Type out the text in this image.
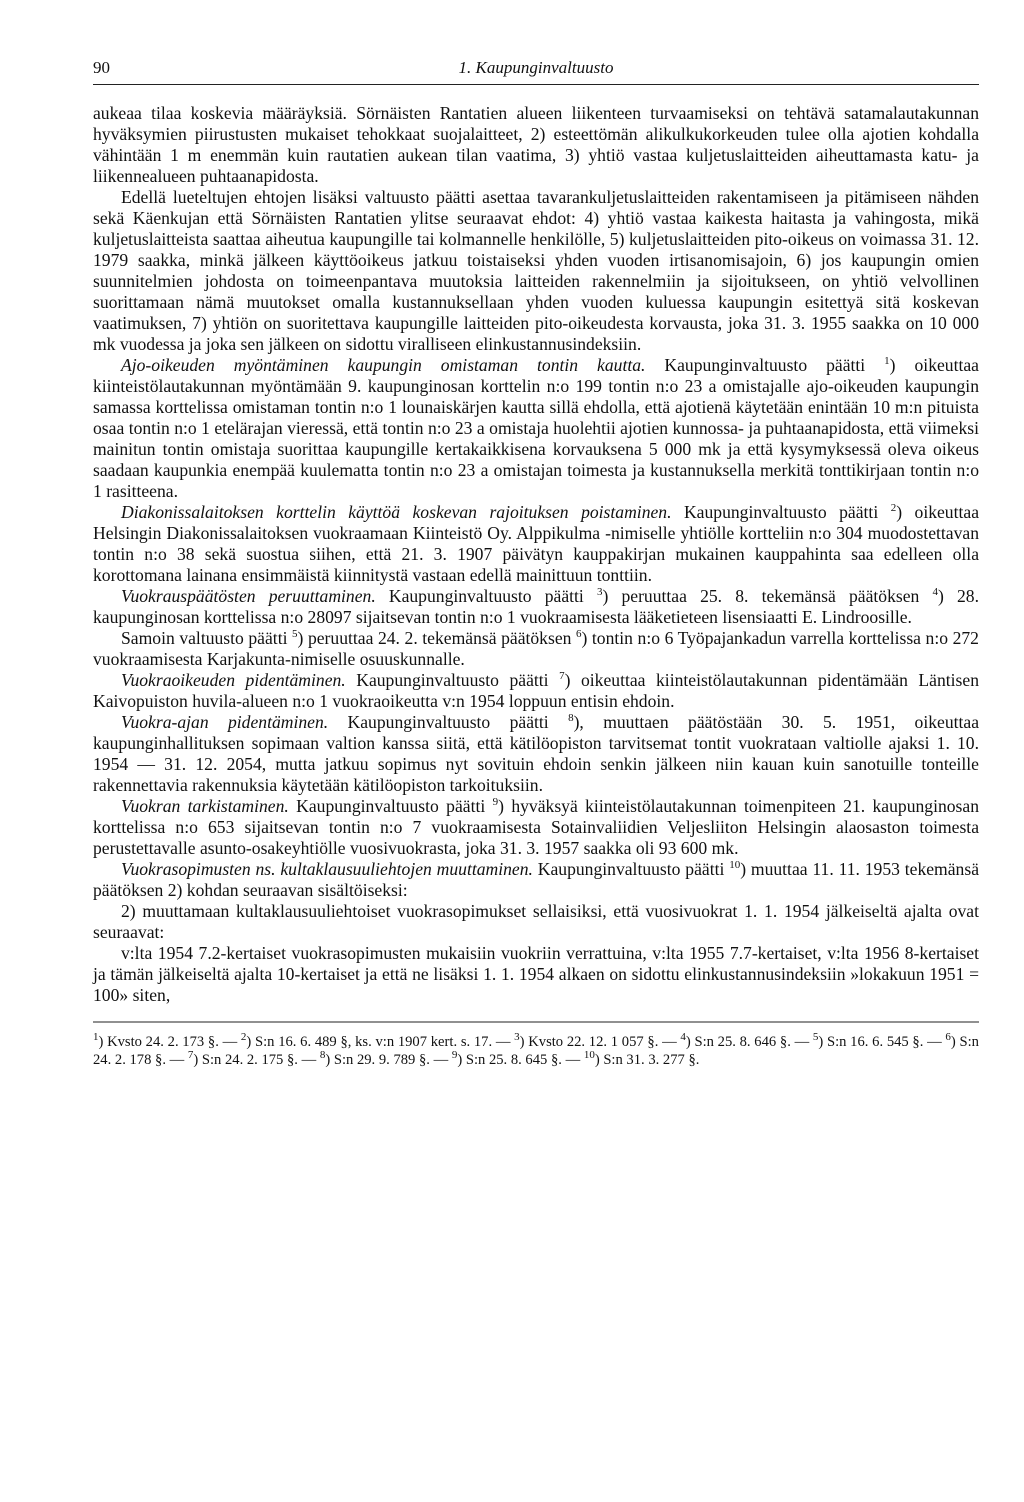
90	1. Kaupunginvaltuusto

aukeaa tilaa koskevia määräyksiä. Sörnäisten Rantatien alueen liikenteen turvaamiseksi on tehtävä satamalautakunnan hyväksymien piirustusten mukaiset tehokkaat suojalaitteet, 2) esteettömän alikulkukorkeuden tulee olla ajotien kohdalla vähintään 1 m enemmän kuin rautatien aukean tilan vaatima, 3) yhtiö vastaa kuljetuslaitteiden aiheuttamasta katu- ja liikennealueen puhtaanapidosta.

Edellä lueteltujen ehtojen lisäksi valtuusto päätti asettaa tavarankuljetuslaitteiden rakentamiseen ja pitämiseen nähden sekä Käenkujan että Sörnäisten Rantatien ylitse seuraavat ehdot: 4) yhtiö vastaa kaikesta haitasta ja vahingosta, mikä kuljetuslaitteista saattaa aiheutua kaupungille tai kolmannelle henkilölle, 5) kuljetuslaitteiden pito-oikeus on voimassa 31. 12. 1979 saakka, minkä jälkeen käyttöoikeus jatkuu toistaiseksi yhden vuoden irtisanomisajoin, 6) jos kaupungin omien suunnitelmien johdosta on toimeenpantava muutoksia laitteiden rakennelmiin ja sijoitukseen, on yhtiö velvollinen suorittamaan nämä muutokset omalla kustannuksellaan yhden vuoden kuluessa kaupungin esitettyä sitä koskevan vaatimuksen, 7) yhtiön on suoritettava kaupungille laitteiden pito-oikeudesta korvausta, joka 31. 3. 1955 saakka on 10 000 mk vuodessa ja joka sen jälkeen on sidottu viralliseen elinkustannusindeksiin.

Ajo-oikeuden myöntäminen kaupungin omistaman tontin kautta. Kaupunginvaltuusto päätti $^1$) oikeuttaa kiinteistölautakunnan myöntämään 9. kaupunginosan korttelin n:o 199 tontin n:o 23 a omistajalle ajo-oikeuden kaupungin samassa korttelissa omistaman tontin n:o 1 lounaiskärjen kautta sillä ehdolla, että ajotienä käytetään enintään 10 m:n pituista osaa tontin n:o 1 etelärajan vieressä, että tontin n:o 23 a omistaja huolehtii ajotien kunnossa- ja puhtaanapidosta, että viimeksi mainitun tontin omistaja suorittaa kaupungille kertakaikkisena korvauksena 5 000 mk ja että kysymyksessä oleva oikeus saadaan kaupunkia enempää kuulematta tontin n:o 23 a omistajan toimesta ja kustannuksella merkitä tonttikirjaan tontin n:o 1 rasitteena.

Diakonissalaitoksen korttelin käyttöä koskevan rajoituksen poistaminen. Kaupunginvaltuusto päätti $^2$) oikeuttaa Helsingin Diakonissalaitoksen vuokraamaan Kiinteistö Oy. Alppikulma -nimiselle yhtiölle kortteliin n:o 304 muodostettavan tontin n:o 38 sekä suostua siihen, että 21. 3. 1907 päivätyn kauppakirjan mukainen kauppahinta saa edelleen olla korottomana lainana ensimmäistä kiinnitystä vastaan edellä mainittuun tonttiin.

Vuokrauspäätösten peruuttaminen. Kaupunginvaltuusto päätti $^3$) peruuttaa 25. 8. tekemänsä päätöksen $^4$) 28. kaupunginosan korttelissa n:o 28097 sijaitsevan tontin n:o 1 vuokraamisesta lääketieteen lisensiaatti E. Lindroosille.

Samoin valtuusto päätti $^5$) peruuttaa 24. 2. tekemänsä päätöksen $^6$) tontin n:o 6 Työpajankadun varrella korttelissa n:o 272 vuokraamisesta Karjakunta-nimiselle osuuskunnalle.

Vuokraoikeuden pidentäminen. Kaupunginvaltuusto päätti $^7$) oikeuttaa kiinteistölautakunnan pidentämään Läntisen Kaivopuiston huvila-alueen n:o 1 vuokraoikeutta v:n 1954 loppuun entisin ehdoin.

Vuokra-ajan pidentäminen. Kaupunginvaltuusto päätti $^8$), muuttaen päätöstään 30. 5. 1951, oikeuttaa kaupunginhallituksen sopimaan valtion kanssa siitä, että kätilöopiston tarvitsemat tontit vuokrataan valtiolle ajaksi 1. 10. 1954 — 31. 12. 2054, mutta jatkuu sopimus nyt sovituin ehdoin senkin jälkeen niin kauan kuin sanotuille tonteille rakennettavia rakennuksia käytetään kätilöopiston tarkoituksiin.

Vuokran tarkistaminen. Kaupunginvaltuusto päätti $^9$) hyväksyä kiinteistölautakunnan toimenpiteen 21. kaupunginosan korttelissa n:o 653 sijaitsevan tontin n:o 7 vuokraamisesta Sotainvaliidien Veljesliiton Helsingin alaosaston toimesta perustettavalle asunto-osakeyhtiölle vuosivuokrasta, joka 31. 3. 1957 saakka oli 93 600 mk.

Vuokrasopimusten ns. kultaklausuuliehtojen muuttaminen. Kaupunginvaltuusto päätti $^{10}$) muuttaa 11. 11. 1953 tekemänsä päätöksen 2) kohdan seuraavan sisältöiseksi:

2) muuttamaan kultaklausuuliehtoiset vuokrasopimukset sellaisiksi, että vuosivuokrat 1. 1. 1954 jälkeiseltä ajalta ovat seuraavat:

v:lta 1954 7.2-kertaiset vuokrasopimusten mukaisiin vuokriin verrattuina, v:lta 1955 7.7-kertaiset, v:lta 1956 8-kertaiset ja tämän jälkeiseltä ajalta 10-kertaiset ja että ne lisäksi 1. 1. 1954 alkaen on sidottu elinkustannusindeksiin »lokakuun 1951 = 100» siten,

$^1$) Kvsto 24. 2. 173 §. — $^2$) S:n 16. 6. 489 §, ks. v:n 1907 kert. s. 17. — $^3$) Kvsto 22. 12. 1 057 §. — $^4$) S:n 25. 8. 646 §. — $^5$) S:n 16. 6. 545 §. — $^6$) S:n 24. 2. 178 §. — $^7$) S:n 24. 2. 175 §. — $^8$) S:n 29. 9. 789 §. — $^9$) S:n 25. 8. 645 §. — $^{10}$) S:n 31. 3. 277 §.
